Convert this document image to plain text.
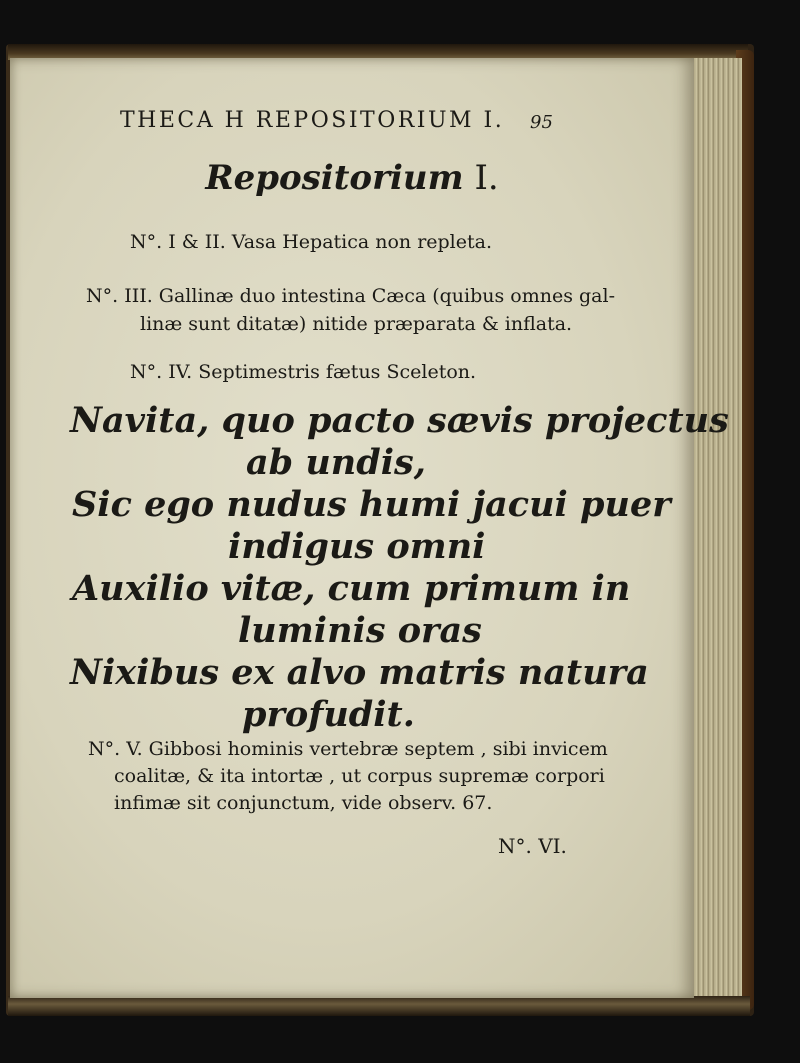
THECA H REPOSITORIUM I. 95
Repositorium I.
N°. I & II. Vasa Hepatica non repleta.
N°. III. Gallinæ duo intestina Cæca (quibus omnes gal-
linæ sunt ditatæ) nitide præparata & inflata.
N°. IV. Septimestris fætus Sceleton.
Navita, quo pacto sævis projectus
ab undis,
Sic ego nudus humi jacui puer
indigus omni
Auxilio vitæ, cum primum in
luminis oras
Nixibus ex alvo matris natura
profudit.
N°. V. Gibbosi hominis vertebræ septem , sibi invicem
coalitæ, & ita intortæ , ut corpus supremæ corpori
infimæ sit conjunctum, vide observ. 67.
N°. VI.
